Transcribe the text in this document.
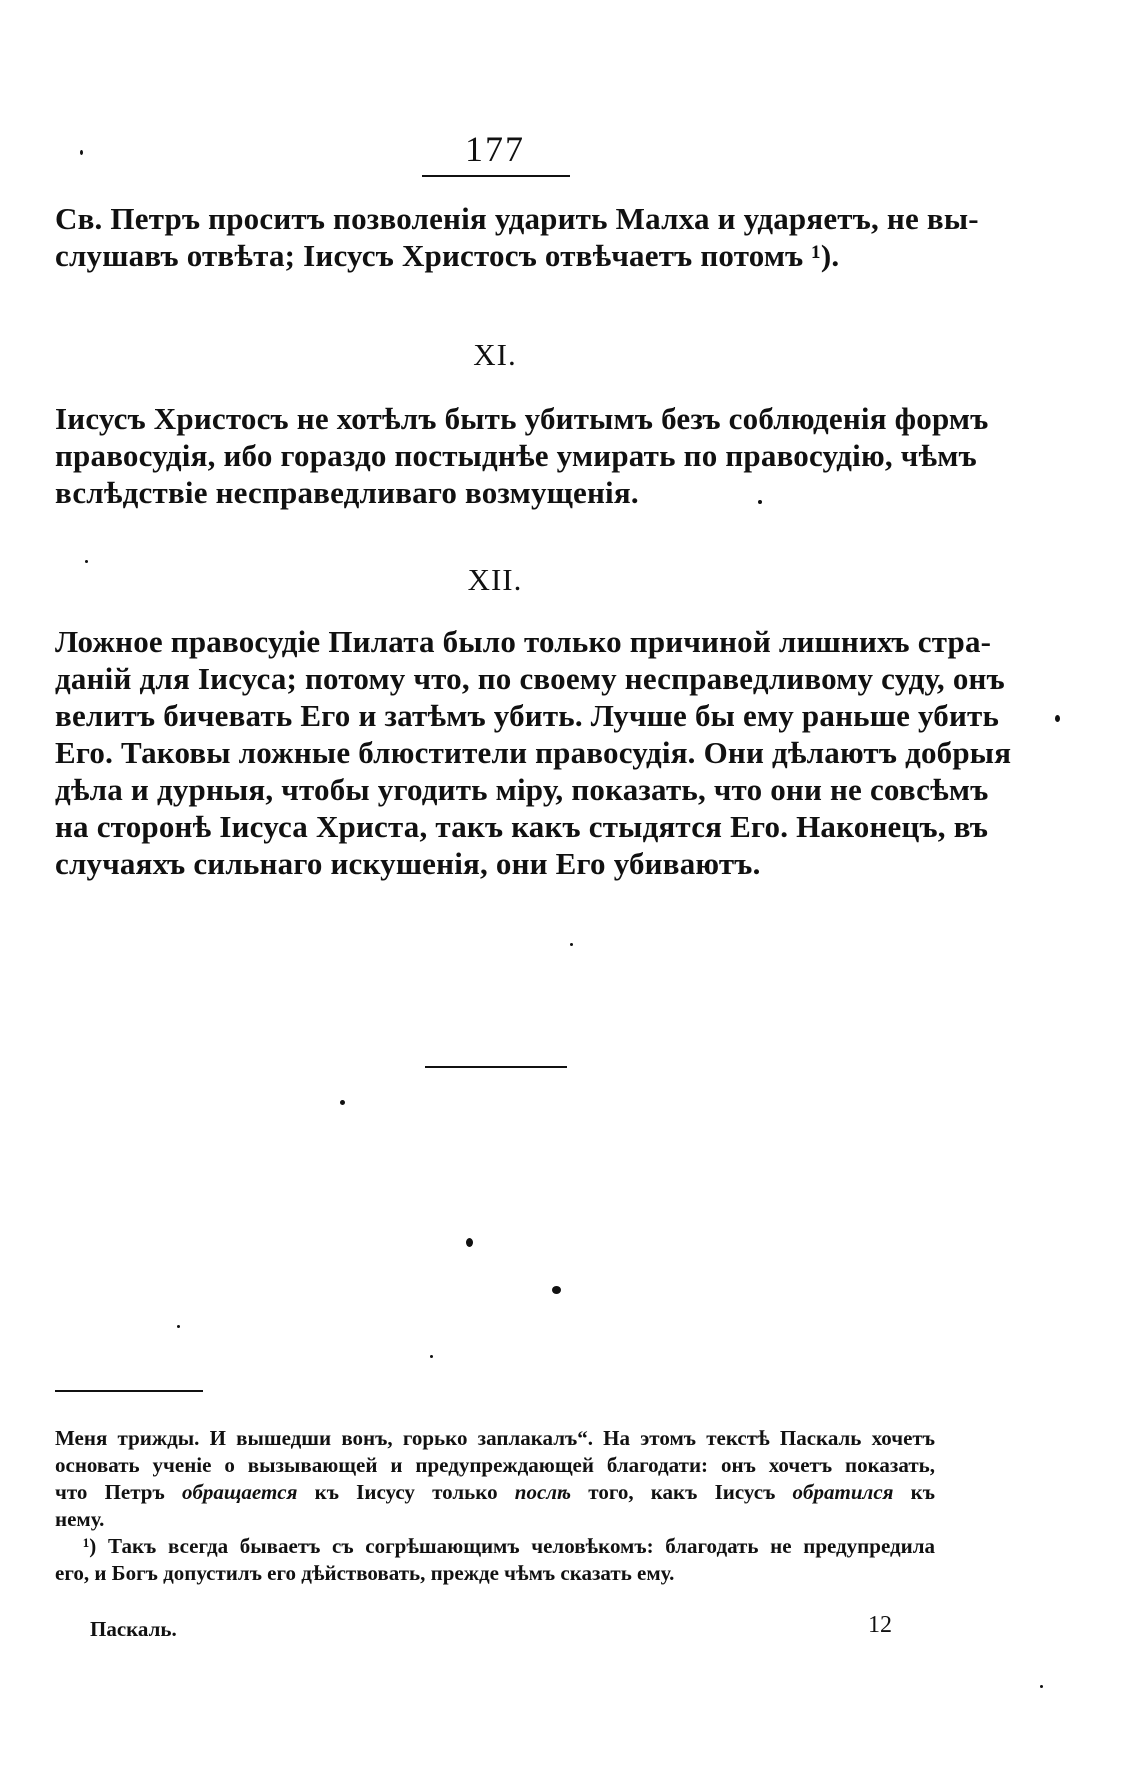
177
Св. Петръ проситъ позволенія ударить Малха и ударяетъ, не вы-
слушавъ отвѣта; Іисусъ Христосъ отвѣчаетъ потомъ ¹).
XI.
Іисусъ Христосъ не хотѣлъ быть убитымъ безъ соблюденія формъ
правосудія, ибо гораздо постыднѣе умирать по правосудію, чѣмъ
вслѣдствіе несправедливаго возмущенія.
XII.
Ложное правосудіе Пилата было только причиной лишнихъ стра-
даній для Іисуса; потому что, по своему несправедливому суду, онъ
велитъ бичевать Его и затѣмъ убить. Лучше бы ему раньше убить
Его. Таковы ложные блюстители правосудія. Они дѣлаютъ добрыя
дѣла и дурныя, чтобы угодить міру, показать, что они не совсѣмъ
на сторонѣ Іисуса Христа, такъ какъ стыдятся Его. Наконецъ, въ
случаяхъ сильнаго искушенія, они Его убиваютъ.
Меня трижды. И вышедши вонъ, горько заплакалъ“. На этомъ текстѣ Паскаль хочетъ
основать ученіе о вызывающей и предупреждающей благодати: онъ хочетъ показать,
что Петръ обращается къ Іисусу только послѣ того, какъ Іисусъ обратился къ
нему.
¹) Такъ всегда бываетъ съ согрѣшающимъ человѣкомъ: благодать не предупредила
его, и Богъ допустилъ его дѣйствовать, прежде чѣмъ сказать ему.
Паскаль.	12
